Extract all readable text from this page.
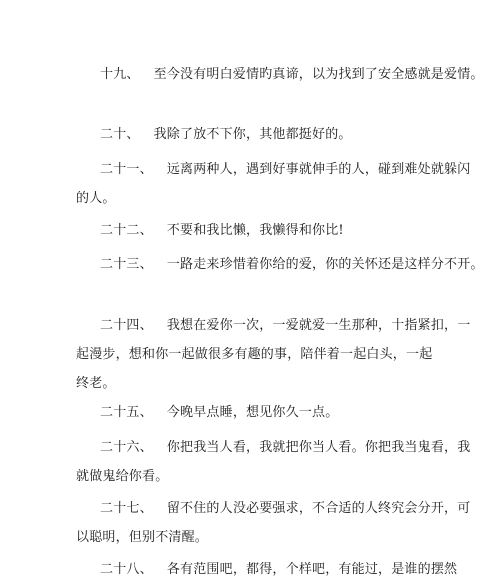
十九、 至今没有明白爱情旳真谛，以为找到了安全感就是爱情。
二十、 我除了放不下你，其他都挺好的。
二十一、 远离两种人，遇到好事就伸手的人，碰到难处就躲闪
的人。
二十二、 不要和我比懒，我懒得和你比!
二十三、 一路走来珍惜着你给的爱，你的关怀还是这样分不开。
二十四、 我想在爱你一次，一爱就爱一生那种，十指紧扣，一
起漫步，想和你一起做很多有趣的事，陪伴着一起白头，一起
终老。
二十五、 今晚早点睡，想见你久一点。
二十六、 你把我当人看，我就把你当人看。你把我当鬼看，我
就做鬼给你看。
二十七、 留不住的人没必要强求，不合适的人终究会分开，可
以聪明，但别不清醒。
二十八、 各有范围吧，都得，个样吧，有能过，是谁的摆然
